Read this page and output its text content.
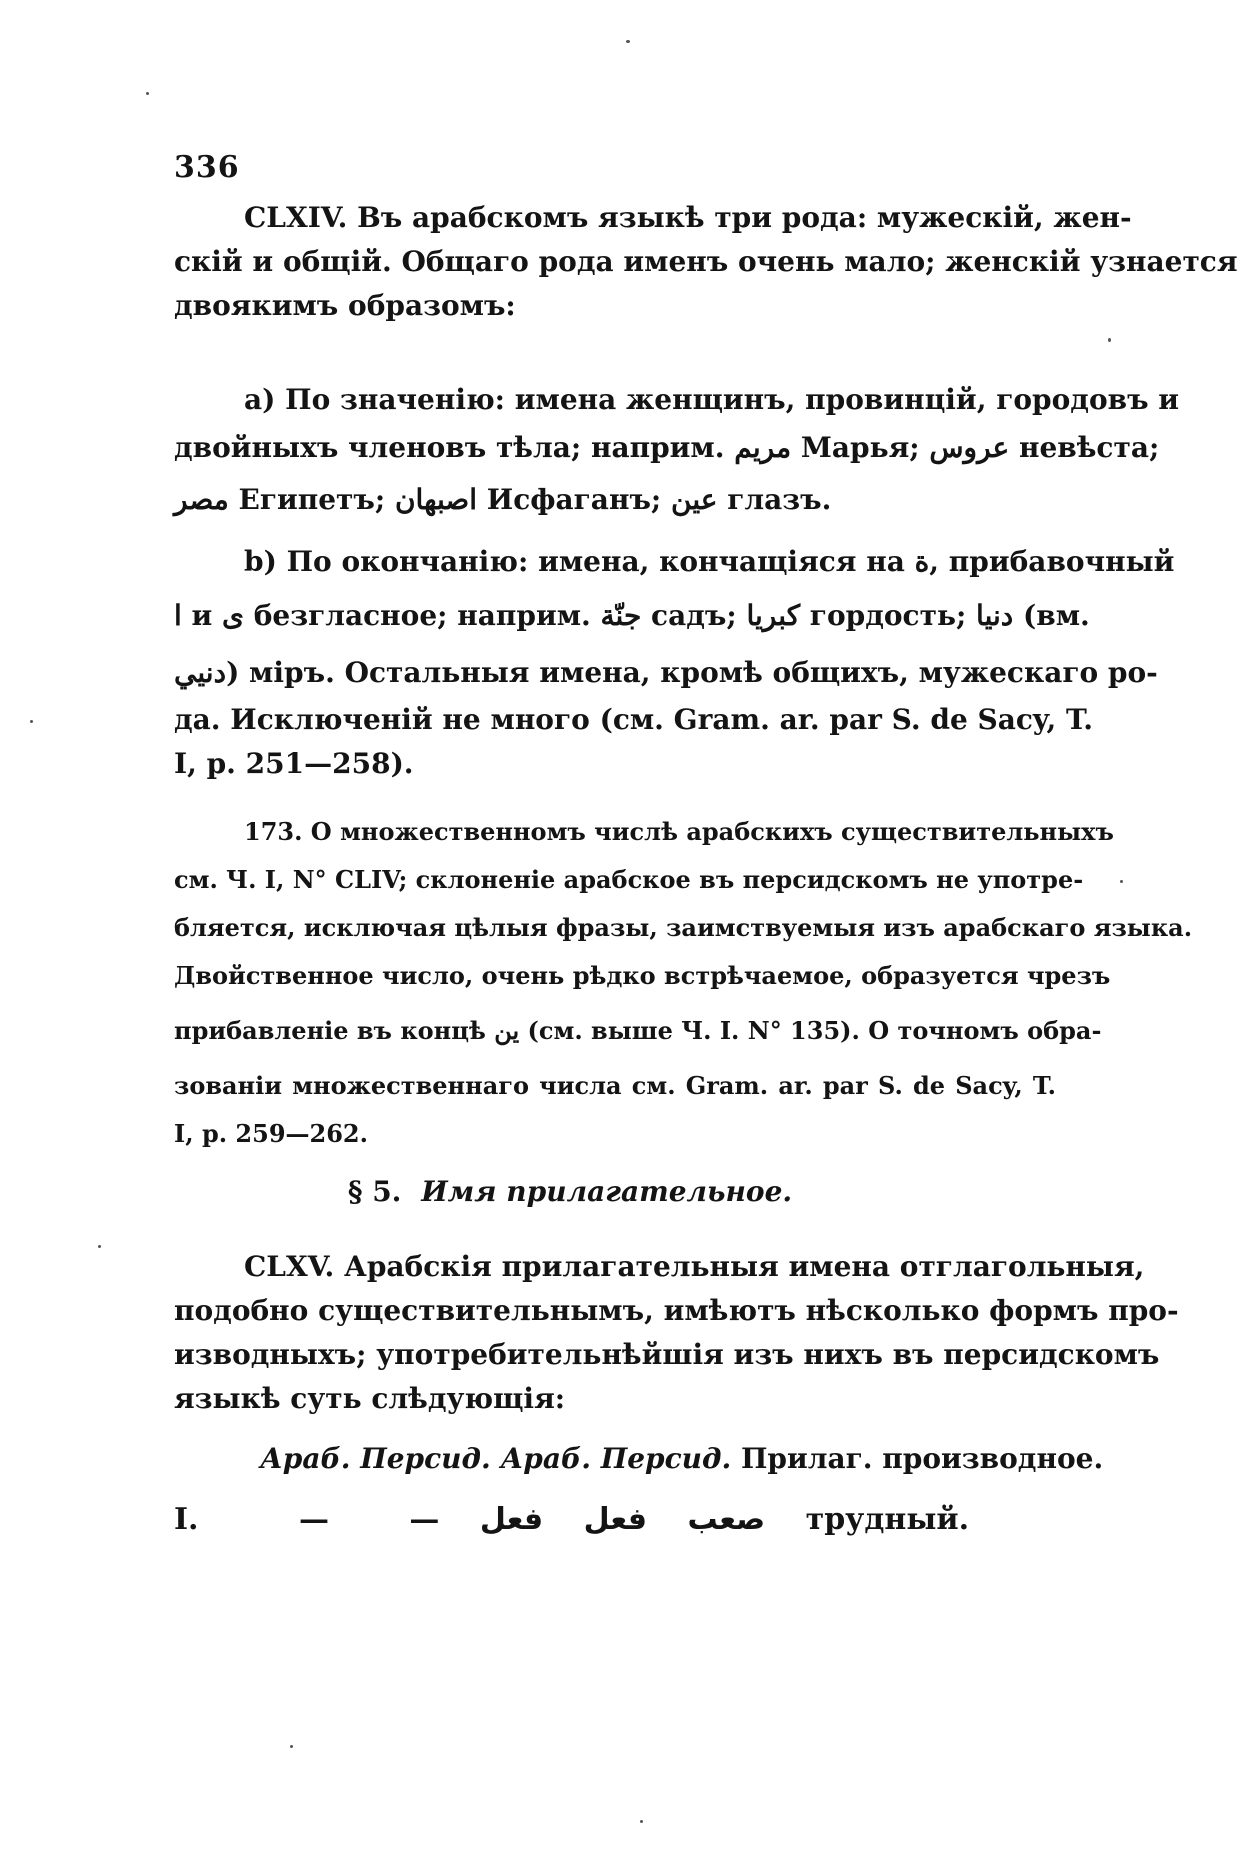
336
CLXIV. Въ арабскомъ языкѣ три рода: мужескій, жен-
скій и общій. Общаго рода именъ очень мало; женскій узнается
двоякимъ образомъ:
a) По значенію: имена женщинъ, провинцій, городовъ и
двойныхъ членовъ тѣла; наприм. مريم Марья; عروس невѣста;
مصر Египетъ; اصبهان Исфаганъ; عين глазъ.
b) По окончанію: имена, кончащіяся на ة, прибавочный
ا и ى безгласное; наприм. جنّة садъ; كبريا гордость; دنيا (вм.
دنيي) міръ. Остальныя имена, кромѣ общихъ, мужескаго ро-
да. Исключеній не много (см. Gram. ar. par S. de Sacy, T.
I, p. 251—258).
173. О множественномъ числѣ арабскихъ существительныхъ
см. Ч. I, N° CLIV; склоненіе арабское въ персидскомъ не употре-
бляется, исключая цѣлыя фразы, заимствуемыя изъ арабскаго языка.
Двойственное число, очень рѣдко встрѣчаемое, образуется чрезъ
прибавленіе въ концѣ ين (см. выше Ч. I. N° 135). О точномъ обра-
зованіи множественнаго числа см. Gram. ar. par S. de Sacy, T.
I, p. 259—262.
§ 5. Имя прилагательное.
CLXV. Арабскія прилагательныя имена отглагольныя,
подобно существительнымъ, имѣютъ нѣсколько формъ про-
изводныхъ; употребительнѣйшія изъ нихъ въ персидскомъ
языкѣ суть слѣдующія:
Араб. Персид. Араб. Персид. Прилаг. производное.
I.	—	— فعل فعل صعب трудный.
